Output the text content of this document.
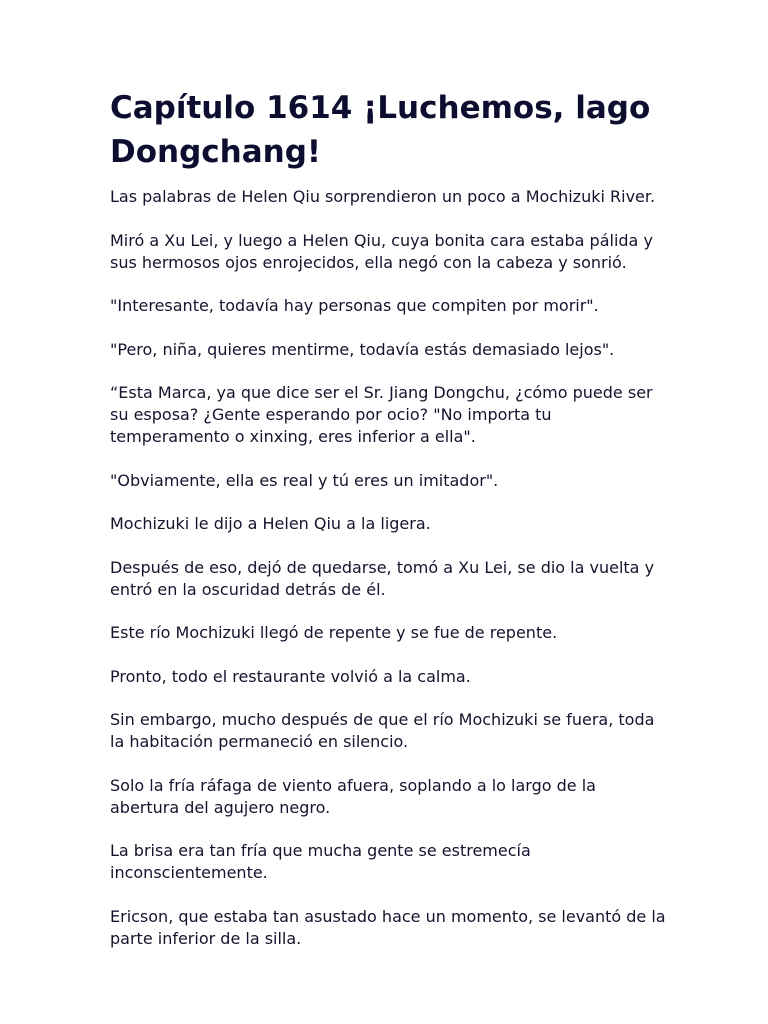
Capítulo 1614 ¡Luchemos, lago Dongchang!

Las palabras de Helen Qiu sorprendieron un poco a Mochizuki River.

Miró a Xu Lei, y luego a Helen Qiu, cuya bonita cara estaba pálida y sus hermosos ojos enrojecidos, ella negó con la cabeza y sonrió.

"Interesante, todavía hay personas que compiten por morir".

"Pero, niña, quieres mentirme, todavía estás demasiado lejos".

“Esta Marca, ya que dice ser el Sr. Jiang Dongchu, ¿cómo puede ser su esposa? ¿Gente esperando por ocio? "No importa tu temperamento o xinxing, eres inferior a ella".

"Obviamente, ella es real y tú eres un imitador".

Mochizuki le dijo a Helen Qiu a la ligera.

Después de eso, dejó de quedarse, tomó a Xu Lei, se dio la vuelta y entró en la oscuridad detrás de él.

Este río Mochizuki llegó de repente y se fue de repente.

Pronto, todo el restaurante volvió a la calma.

Sin embargo, mucho después de que el río Mochizuki se fuera, toda la habitación permaneció en silencio.

Solo la fría ráfaga de viento afuera, soplando a lo largo de la abertura del agujero negro.

La brisa era tan fría que mucha gente se estremecía inconscientemente.

Ericson, que estaba tan asustado hace un momento, se levantó de la parte inferior de la silla.
